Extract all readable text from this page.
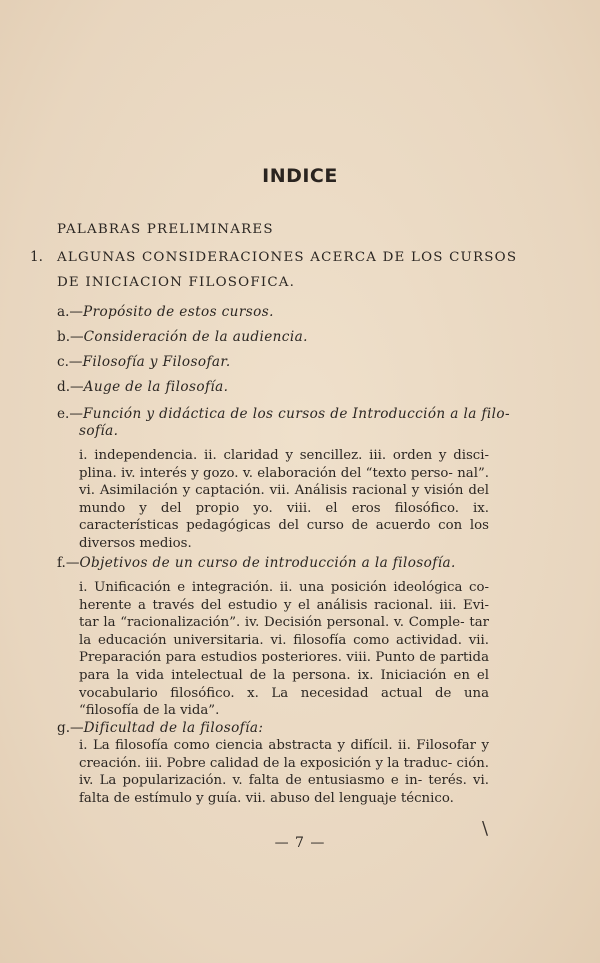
INDICE
PALABRAS PRELIMINARES
1. ALGUNAS CONSIDERACIONES ACERCA DE LOS CURSOS
DE INICIACION FILOSOFICA.
a.—Propósito de estos cursos.
b.—Consideración de la audiencia.
c.—Filosofía y Filosofar.
d.—Auge de la filosofía.
e.—Función y didáctica de los cursos de Introducción a la filo-
sofía.
i. independencia. ii. claridad y sencillez. iii. orden y disci- plina. iv. interés y gozo. v. elaboración del “texto perso- nal”. vi. Asimilación y captación. vii. Análisis racional y visión del mundo y del propio yo. viii. el eros filosófico. ix. características pedagógicas del curso de acuerdo con los diversos medios.
f.—Objetivos de un curso de introducción a la filosofía.
i. Unificación e integración. ii. una posición ideológica co- herente a través del estudio y el análisis racional. iii. Evi- tar la “racionalización”. iv. Decisión personal. v. Comple- tar la educación universitaria. vi. filosofía como actividad. vii. Preparación para estudios posteriores. viii. Punto de partida para la vida intelectual de la persona. ix. Iniciación en el vocabulario filosófico. x. La necesidad actual de una “filosofía de la vida”.
g.—Dificultad de la filosofía:
i. La filosofía como ciencia abstracta y difícil. ii. Filosofar y creación. iii. Pobre calidad de la exposición y la traduc- ción. iv. La popularización. v. falta de entusiasmo e in- terés. vi. falta de estímulo y guía. vii. abuso del lenguaje técnico.
\
— 7 —
